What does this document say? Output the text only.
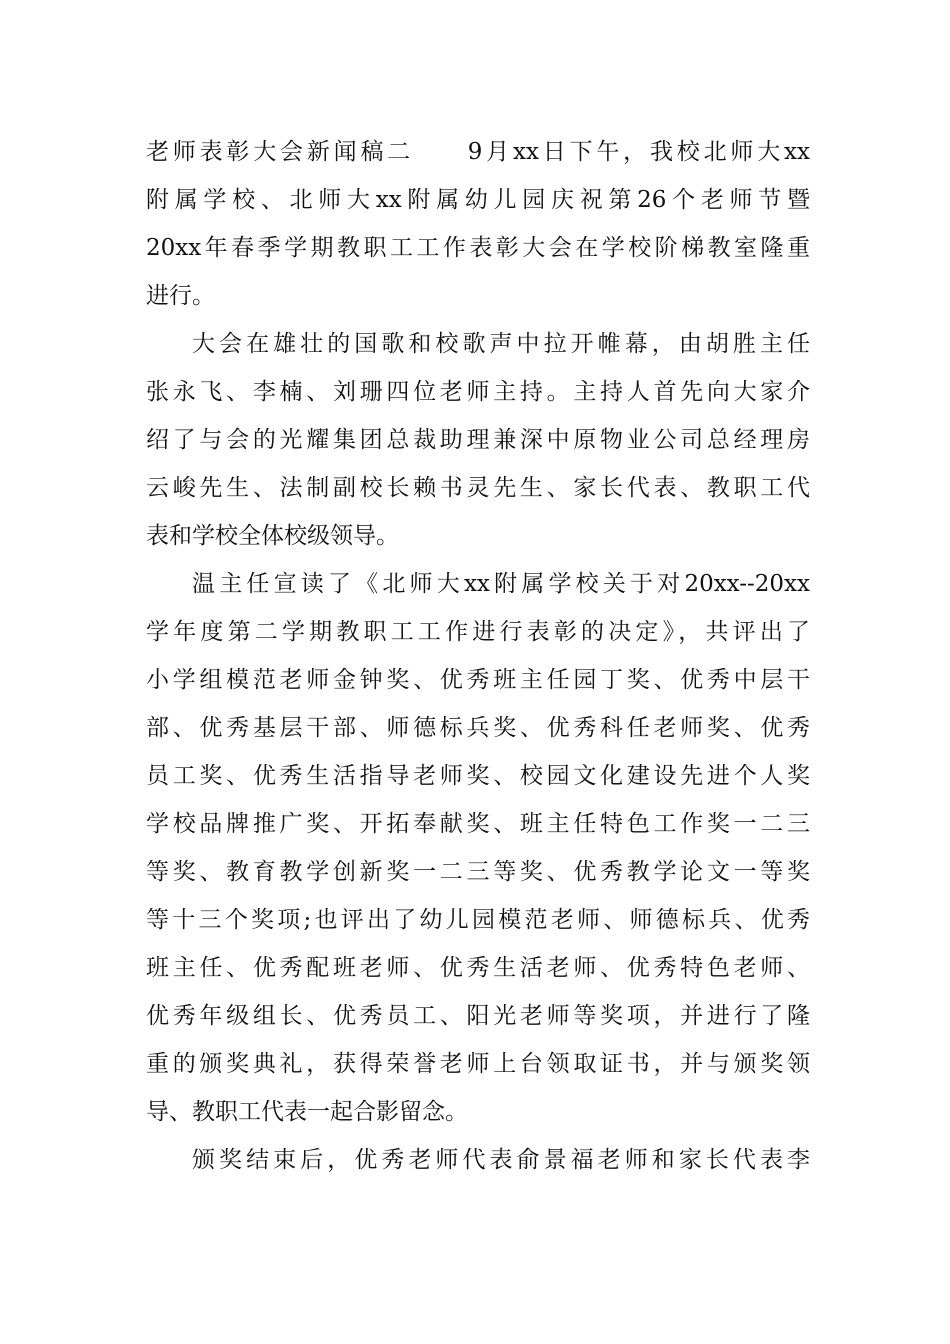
老师表彰大会新闻稿二　　9月xx日下午，我校北师大xx
附属学校、北师大xx附属幼儿园庆祝第26个老师节暨
20xx年春季学期教职工工作表彰大会在学校阶梯教室隆重
进行。
大会在雄壮的国歌和校歌声中拉开帷幕，由胡胜主任
张永飞、李楠、刘珊四位老师主持。主持人首先向大家介
绍了与会的光耀集团总裁助理兼深中原物业公司总经理房
云峻先生、法制副校长赖书灵先生、家长代表、教职工代
表和学校全体校级领导。
温主任宣读了《北师大xx附属学校关于对20xx--20xx
学年度第二学期教职工工作进行表彰的决定》，共评出了
小学组模范老师金钟奖、优秀班主任园丁奖、优秀中层干
部、优秀基层干部、师德标兵奖、优秀科任老师奖、优秀
员工奖、优秀生活指导老师奖、校园文化建设先进个人奖
学校品牌推广奖、开拓奉献奖、班主任特色工作奖一二三
等奖、教育教学创新奖一二三等奖、优秀教学论文一等奖
等十三个奖项;也评出了幼儿园模范老师、师德标兵、优秀
班主任、优秀配班老师、优秀生活老师、优秀特色老师、
优秀年级组长、优秀员工、阳光老师等奖项，并进行了隆
重的颁奖典礼，获得荣誉老师上台领取证书，并与颁奖领
导、教职工代表一起合影留念。
颁奖结束后，优秀老师代表俞景福老师和家长代表李
